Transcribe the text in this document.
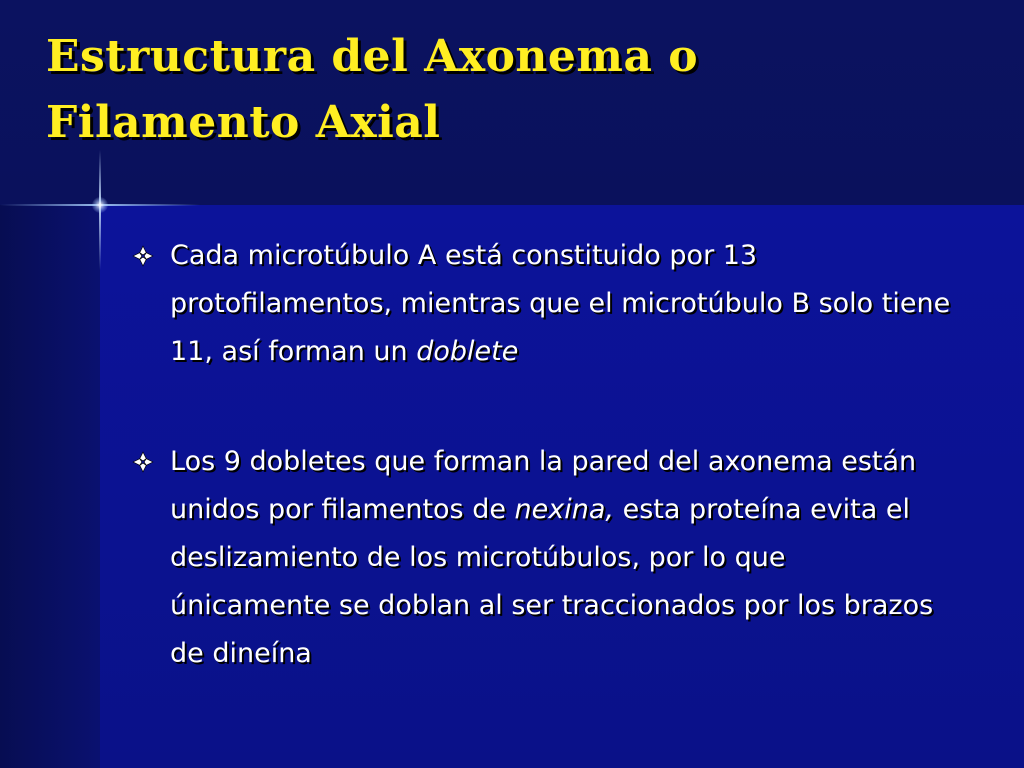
Estructura del Axonema o
Filamento Axial
Cada microtúbulo A está constituido por 13 protofilamentos, mientras que el microtúbulo B solo tiene 11, así forman un doblete
Los 9 dobletes que forman la pared del axonema están unidos por filamentos de nexina, esta proteína evita el deslizamiento de los microtúbulos, por lo que únicamente se doblan al ser traccionados por los brazos de dineína
